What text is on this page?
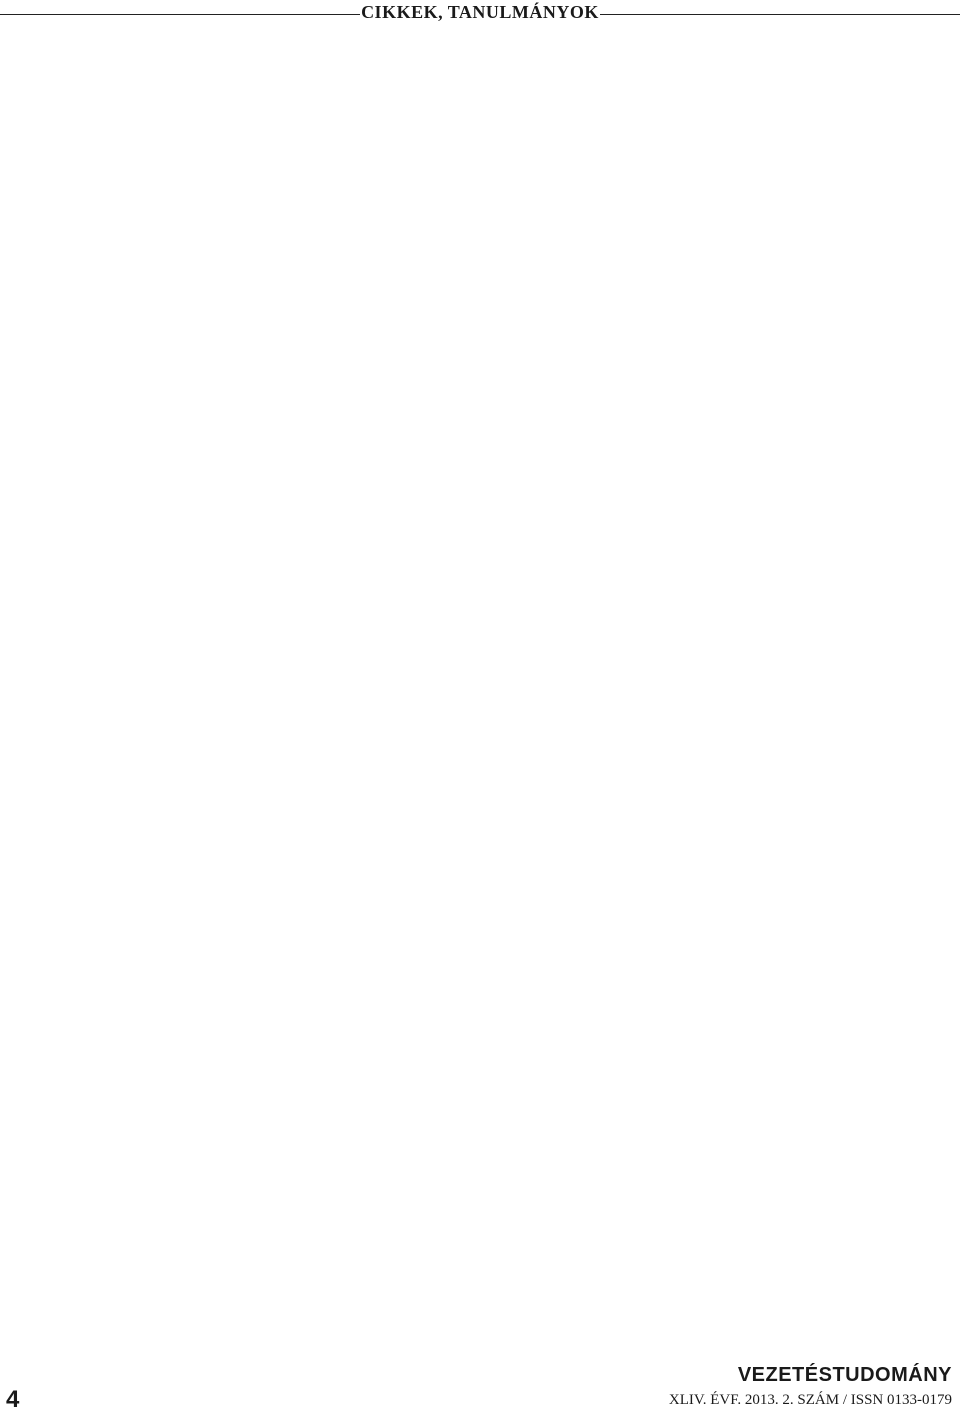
CIKKEK, TANULMÁNYOK
4
VEZETÉSTUDOMÁNY
XLIV. ÉVF. 2013. 2. SZÁM / ISSN 0133-0179
